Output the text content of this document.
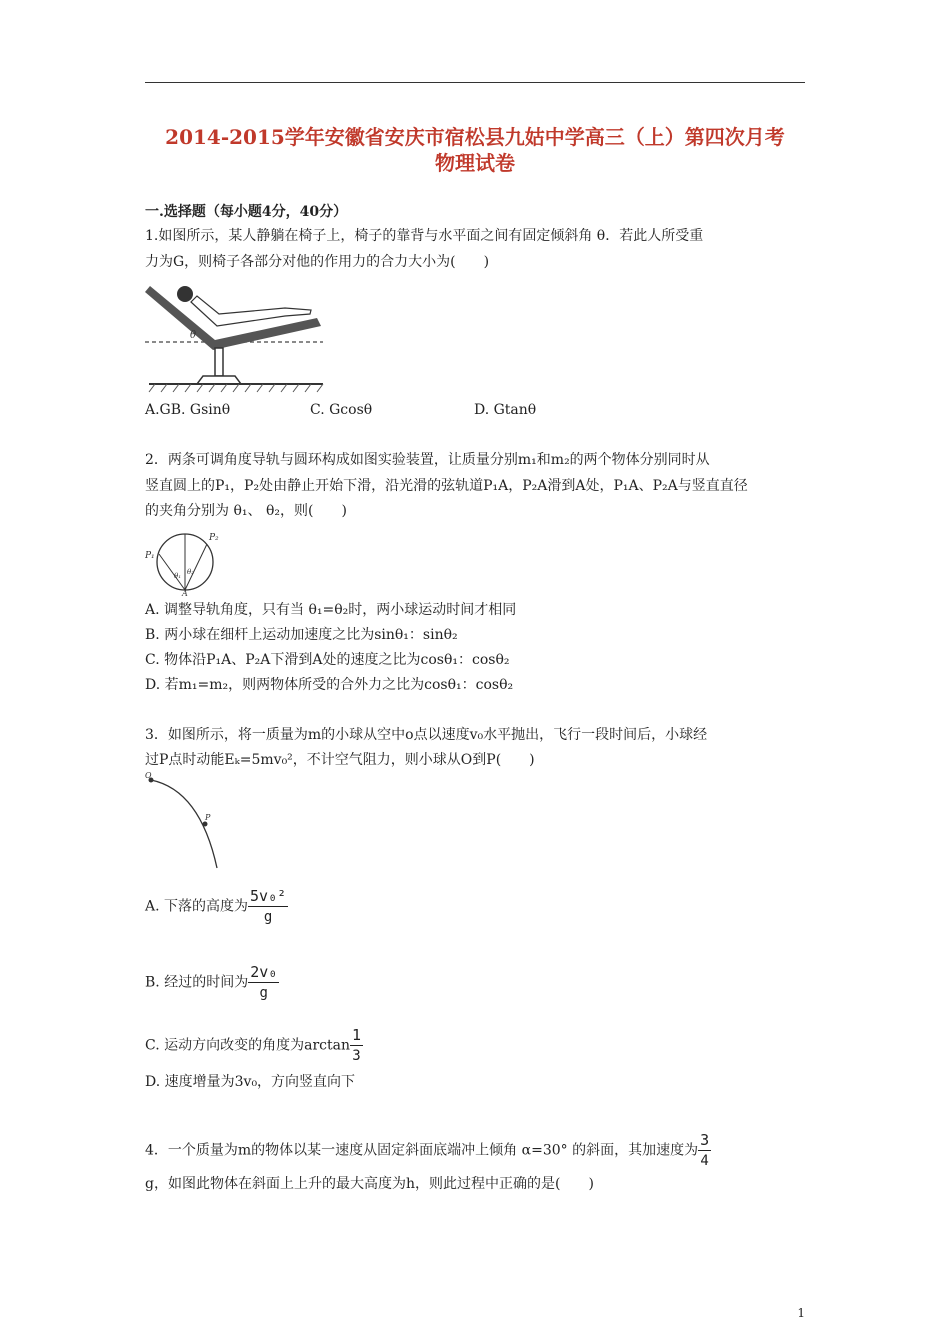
2014-2015学年安徽省安庆市宿松县九姑中学高三（上）第四次月考
物理试卷
一.选择题（每小题4分，40分）
1.如图所示，某人静躺在椅子上，椅子的靠背与水平面之间有固定倾斜角 θ．若此人所受重
力为G，则椅子各部分对他的作用力的合力大小为(　　)
θ
A.GB. Gsinθ	C. Gcosθ	D. Gtanθ
2．两条可调角度导轨与圆环构成如图实验装置，让质量分别m₁和m₂的两个物体分别同时从
竖直圆上的P₁，P₂处由静止开始下滑，沿光滑的弦轨道P₁A，P₂A滑到A处，P₁A、P₂A与竖直直径
的夹角分别为 θ₁、 θ₂，则(　　)
P₁
P₂
A
θ₁ θ₂
A. 调整导轨角度，只有当 θ₁=θ₂时，两小球运动时间才相同
B. 两小球在细杆上运动加速度之比为sinθ₁：sinθ₂
C. 物体沿P₁A、P₂A下滑到A处的速度之比为cosθ₁：cosθ₂
D. 若m₁=m₂，则两物体所受的合外力之比为cosθ₁：cosθ₂
3．如图所示，将一质量为m的小球从空中o点以速度v₀水平抛出，飞行一段时间后，小球经
过P点时动能Eₖ=5mv₀²，不计空气阻力，则小球从O到P(　　)
O
P
A. 下落的高度为 $\frac{\text{5v₀²}}{g}$
B. 经过的时间为 $\frac{\text{2v₀}}{g}$
C. 运动方向改变的角度为$\arctan \frac{1}{3}$
D. 速度增量为3v₀，方向竖直向下
4．一个质量为m的物体以某一速度从固定斜面底端冲上倾角 α=30° 的斜面，其加速度为 $\frac{3}{4}$
g，如图此物体在斜面上上升的最大高度为h，则此过程中正确的是(　　)
1
